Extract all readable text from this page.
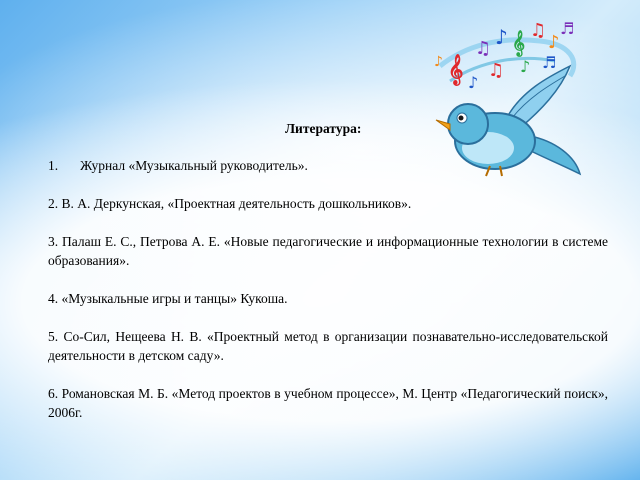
𝄞
♫ ♪ 𝄞
♫
♪
♬
♪
♫ ♪ ♬
♪

Литература:

1. Журнал «Музыкальный руководитель».
2. В. А. Деркунская, «Проектная деятельность дошкольников».
3. Палаш Е. С., Петрова А. Е. «Новые педагогические и информационные технологии в системе образования».
4. «Музыкальные игры и танцы» Кукоша.
5. Со-Сил, Нещеева Н. В. «Проектный метод в организации познавательно-исследовательской деятельности в детском саду».
6. Романовская М. Б. «Метод проектов в учебном процессе», М. Центр «Педагогический поиск», 2006г.
